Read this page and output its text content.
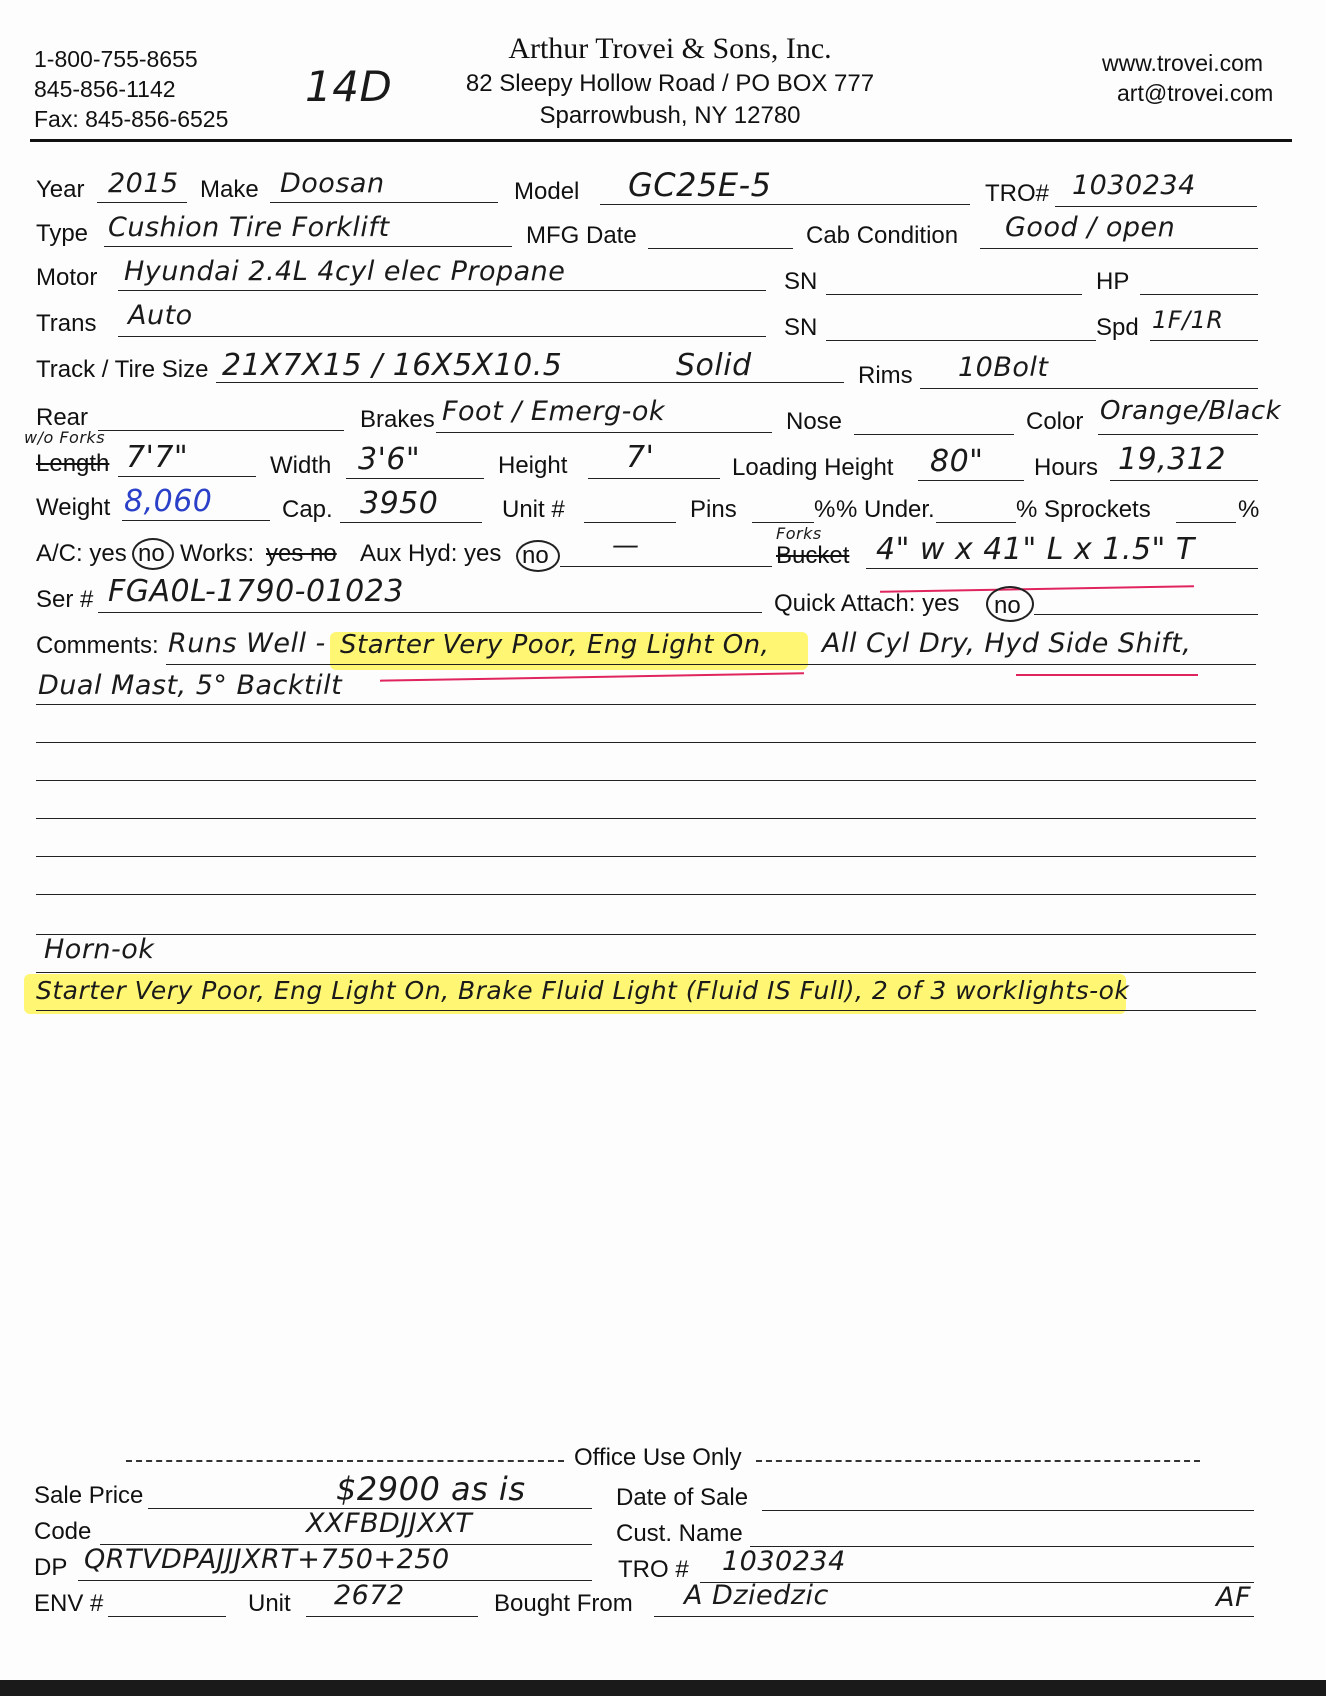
1-800-755-8655
845-856-1142
Fax: 845-856-6525
14D
Arthur Trovei & Sons, Inc.
82 Sleepy Hollow Road / PO BOX 777
Sparrowbush, NY 12780
www.trovei.com
art@trovei.com
Year 2015 Make Doosan	Model GC25E-5	TRO# 1030234
Type Cushion Tire Forklift	MFG Date	Cab Condition Good / open
Motor Hyundai 2.4L 4cyl elec Propane	SN	HP
Trans Auto	SN	Spd 1F/1R
Track / Tire Size 21X7X15 / 16X5X10.5	Solid	Rims 10Bolt
Rear	Brakes Foot / Emerg-ok	Nose	Color Orange/Black
w/o Forks
Length 7'7"	Width 3'6"	Height 7'	Loading Height 80" Hours 19,312
Weight 8,060	Cap. 3950	Unit #	Pins	% % Under.	% Sprockets	%
A/C: yes no Works: yes no Aux Hyd: yes no —	Forks
Bucket 4" w x 41" L x 1.5" T
Ser # FGA0L-1790-01023	Quick Attach: yes no
Comments: Runs Well - Starter Very Poor, Eng Light On, All Cyl Dry, Hyd Side Shift,
Dual Mast, 5° Backtilt
Horn-ok
Starter Very Poor, Eng Light On, Brake Fluid Light (Fluid IS Full), 2 of 3 worklights-ok
Office Use Only
Sale Price	$2900 as is	Date of Sale
Code	XXFBDJJXXT	Cust. Name
DP QRTVDPAJJJXRT+750+250	TRO # 1030234
ENV #	Unit 2672	Bought From A Dziedzic	AF
